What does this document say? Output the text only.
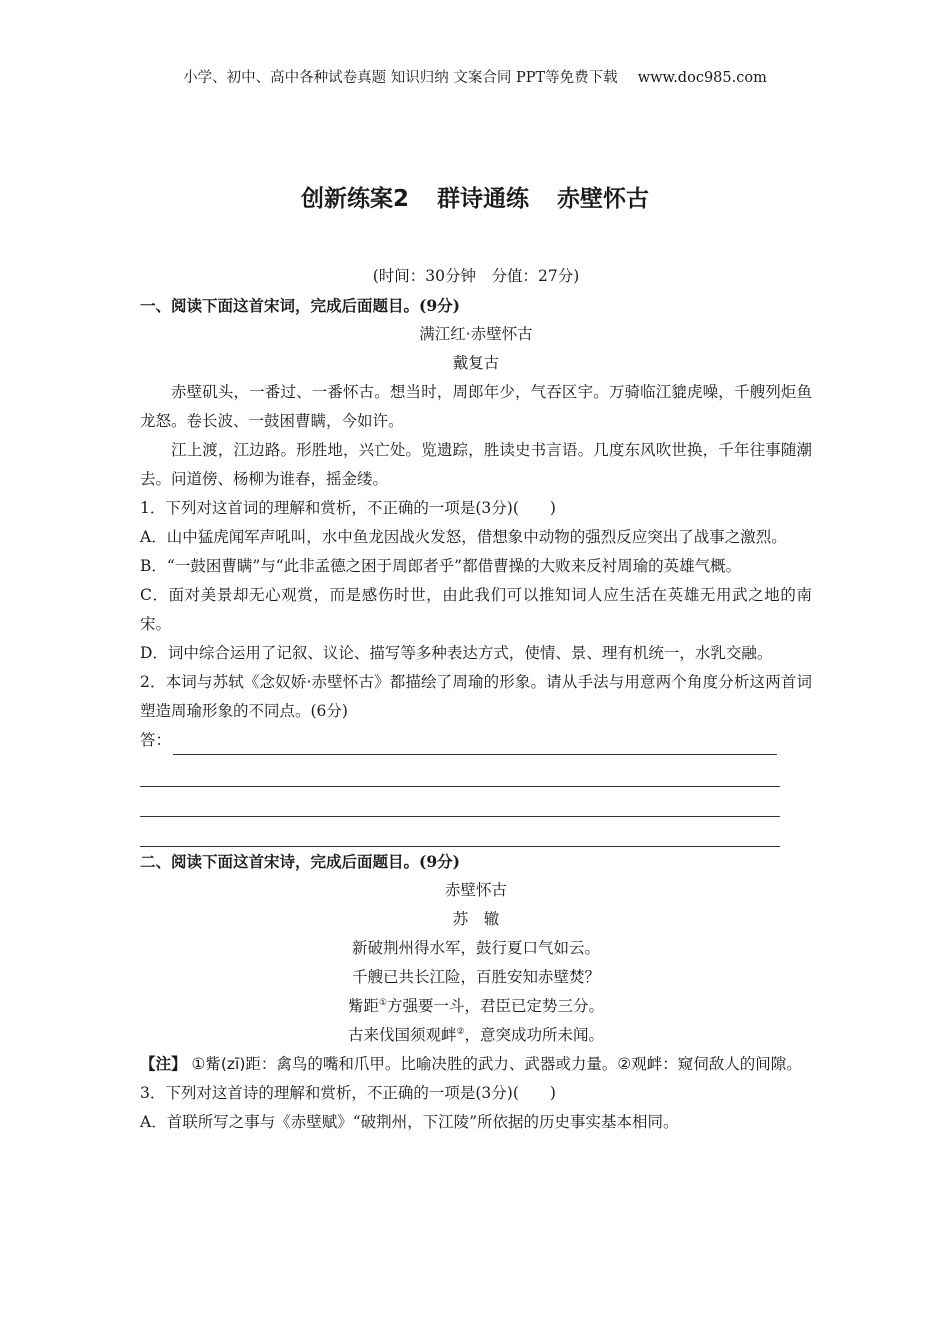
小学、初中、高中各种试卷真题 知识归纳 文案合同 PPT等免费下载 www.doc985.com
创新练案2 群诗通练 赤壁怀古

(时间：30分钟　分值：27分)

一、阅读下面这首宋词，完成后面题目。(9分)

满江红·赤壁怀古

戴复古

赤壁矶头，一番过、一番怀古。想当时，周郎年少，气吞区宇。万骑临江貔虎噪，千艘列炬鱼龙怒。卷长波、一鼓困曹瞒，今如许。

江上渡，江边路。形胜地，兴亡处。览遗踪，胜读史书言语。几度东风吹世换，千年往事随潮去。问道傍、杨柳为谁春，摇金缕。

1．下列对这首词的理解和赏析，不正确的一项是(3分)(　　)

A．山中猛虎闻军声吼叫，水中鱼龙因战火发怒，借想象中动物的强烈反应突出了战事之激烈。

B．“一鼓困曹瞒”与“此非孟德之困于周郎者乎”都借曹操的大败来反衬周瑜的英雄气概。

C．面对美景却无心观赏，而是感伤时世，由此我们可以推知词人应生活在英雄无用武之地的南宋。

D．词中综合运用了记叙、议论、描写等多种表达方式，使情、景、理有机统一，水乳交融。

2．本词与苏轼《念奴娇·赤壁怀古》都描绘了周瑜的形象。请从手法与用意两个角度分析这两首词塑造周瑜形象的不同点。(6分)

答：

二、阅读下面这首宋诗，完成后面题目。(9分)

赤壁怀古

苏　辙

新破荆州得水军，鼓行夏口气如云。

千艘已共长江险，百胜安知赤壁焚？

觜距①方强要一斗，君臣已定势三分。

古来伐国须观衅②，意突成功所未闻。

【注】 ①觜(zī)距：禽鸟的嘴和爪甲。比喻决胜的武力、武器或力量。②观衅：窥伺敌人的间隙。

3．下列对这首诗的理解和赏析，不正确的一项是(3分)(　　)

A．首联所写之事与《赤壁赋》“破荆州，下江陵”所依据的历史事实基本相同。
